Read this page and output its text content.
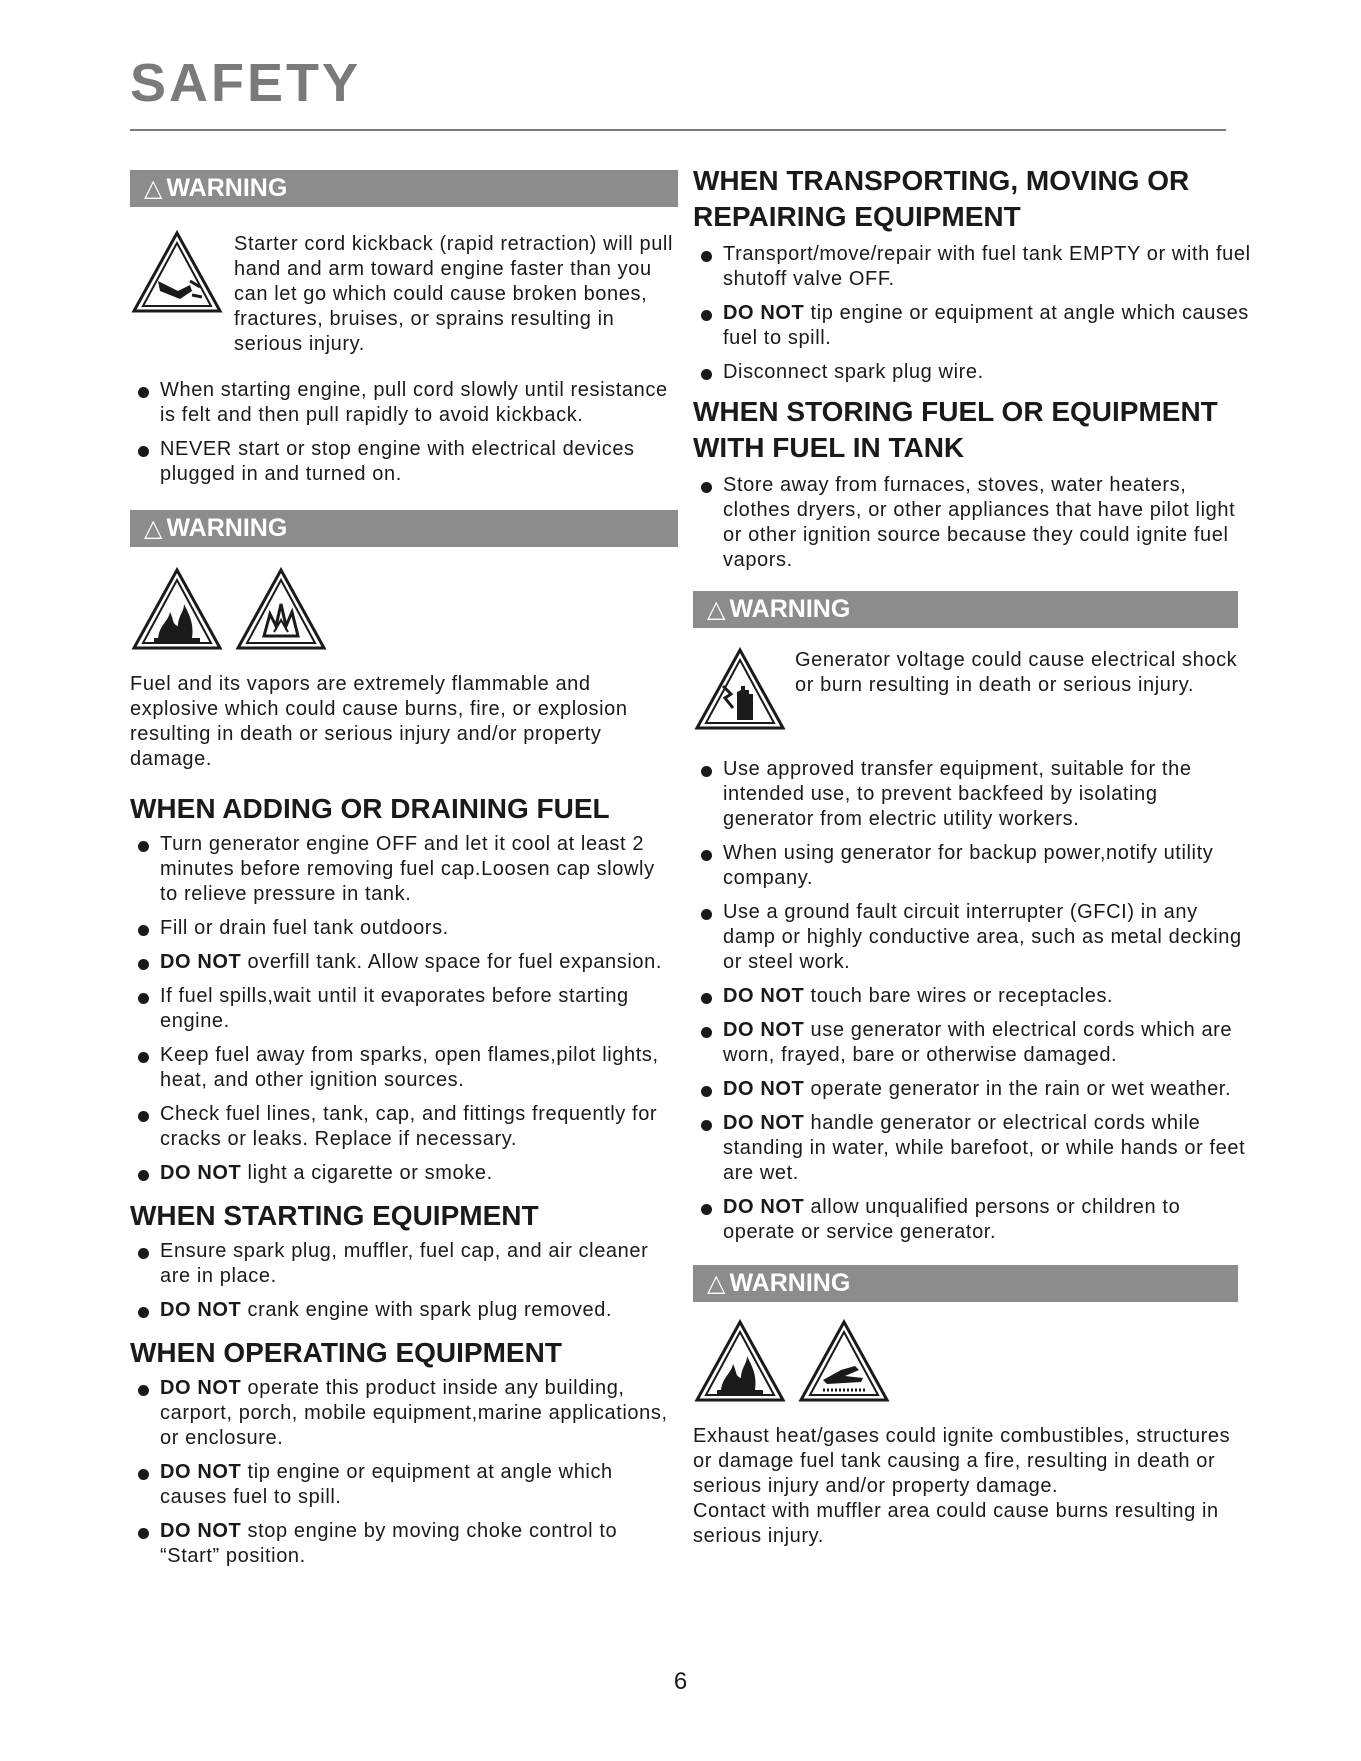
SAFETY
△ WARNING

Starter cord kickback (rapid retraction) will pull hand and arm toward engine faster than you can let go which could cause broken bones, fractures, bruises, or sprains resulting in serious injury.

When starting engine, pull cord slowly until resistance is felt and then pull rapidly to avoid kickback.
NEVER start or stop engine with electrical devices plugged in and turned on.
△ WARNING

Fuel and its vapors are extremely flammable and explosive which could cause burns, fire, or explosion resulting in death or serious injury and/or property damage.

WHEN ADDING OR DRAINING FUEL
Turn generator engine OFF and let it cool at least 2 minutes before removing fuel cap.Loosen cap slowly to relieve pressure in tank.
Fill or drain fuel tank outdoors.
DO NOT overfill tank. Allow space for fuel expansion.
If fuel spills,wait until it evaporates before starting engine.
Keep fuel away from sparks, open flames,pilot lights, heat, and other ignition sources.
Check fuel lines, tank, cap, and fittings frequently for cracks or leaks. Replace if necessary.
DO NOT light a cigarette or smoke.
WHEN STARTING EQUIPMENT
Ensure spark plug, muffler, fuel cap, and air cleaner are in place.
DO NOT crank engine with spark plug removed.
WHEN OPERATING EQUIPMENT
DO NOT operate this product inside any building, carport, porch, mobile equipment,marine applications, or enclosure.
DO NOT tip engine or equipment at angle which causes fuel to spill.
DO NOT stop engine by moving choke control to “Start” position.
WHEN TRANSPORTING, MOVING OR REPAIRING EQUIPMENT
Transport/move/repair with fuel tank EMPTY or with fuel shutoff valve OFF.
DO NOT tip engine or equipment at angle which causes fuel to spill.
Disconnect spark plug wire.
WHEN STORING FUEL OR EQUIPMENT WITH FUEL IN TANK
Store away from furnaces, stoves, water heaters, clothes dryers, or other appliances that have pilot light or other ignition source because they could ignite fuel vapors.
△ WARNING

Generator voltage could cause electrical shock or burn resulting in death or serious injury.

Use approved transfer equipment, suitable for the intended use, to prevent backfeed by isolating generator from electric utility workers.
When using generator for backup power,notify utility company.
Use a ground fault circuit interrupter (GFCI) in any damp or highly conductive area, such as metal decking or steel work.
DO NOT touch bare wires or receptacles.
DO NOT use generator with electrical cords which are worn, frayed, bare or otherwise damaged.
DO NOT operate generator in the rain or wet weather.
DO NOT handle generator or electrical cords while standing in water, while barefoot, or while hands or feet are wet.
DO NOT allow unqualified persons or children to operate or service generator.
△ WARNING

Exhaust heat/gases could ignite combustibles, structures or damage fuel tank causing a fire, resulting in death or serious injury and/or property damage.

Contact with muffler area could cause burns resulting in serious injury.

6
